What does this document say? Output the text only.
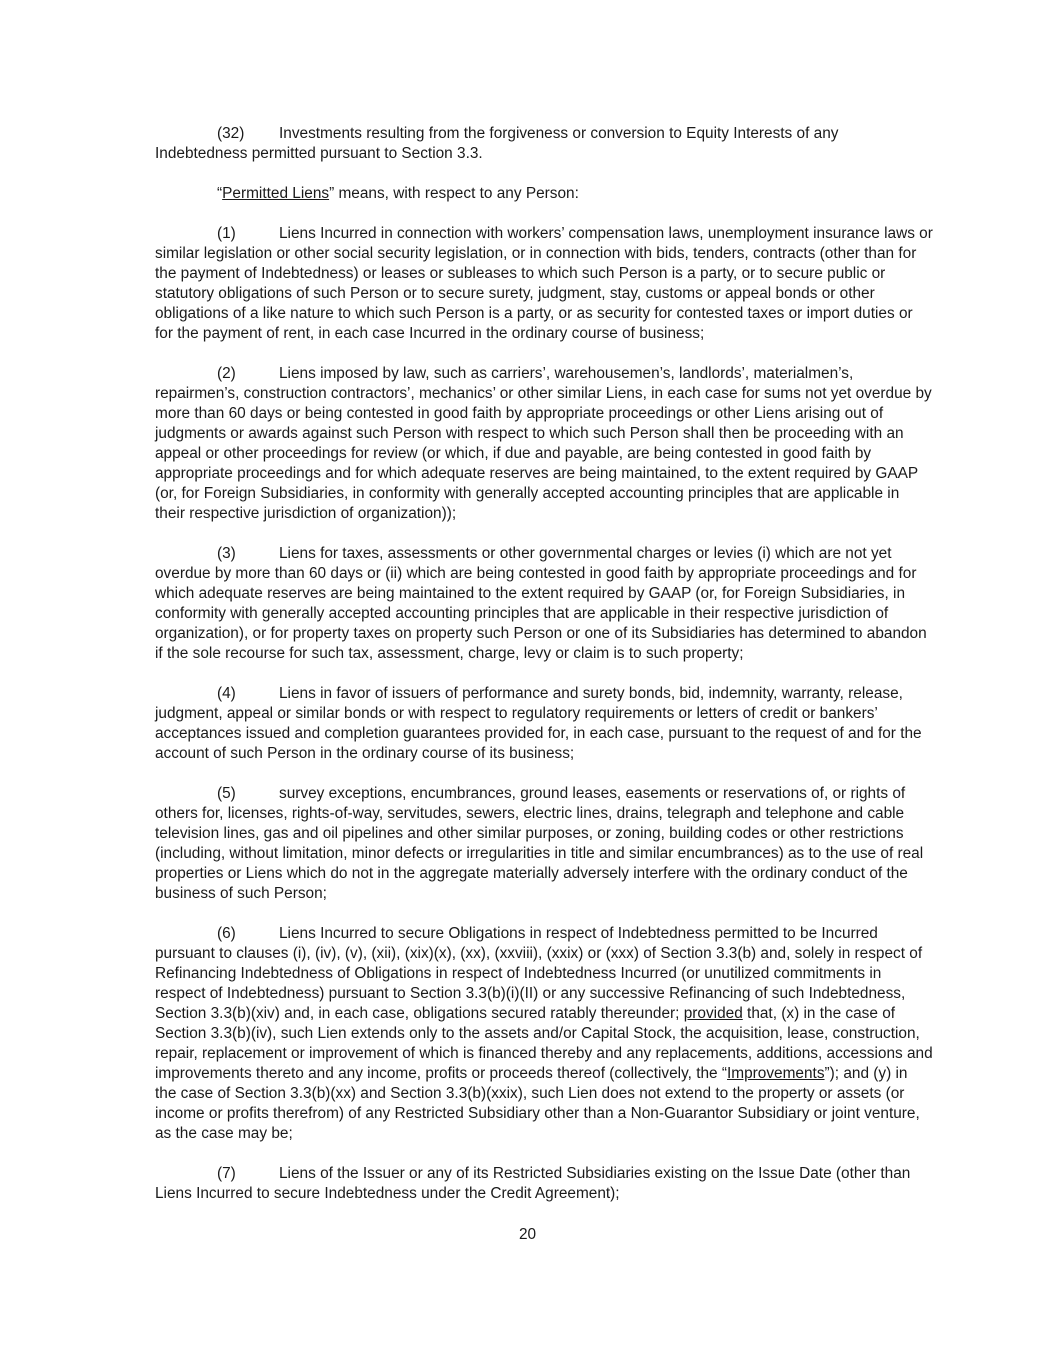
(32) Investments resulting from the forgiveness or conversion to Equity Interests of any Indebtedness permitted pursuant to Section 3.3.

“Permitted Liens” means, with respect to any Person:

(1)	Liens Incurred in connection with workers’ compensation laws, unemployment insurance laws or similar legislation or other social security legislation, or in connection with bids, tenders, contracts (other than for the payment of Indebtedness) or leases or subleases to which such Person is a party, or to secure public or statutory obligations of such Person or to secure surety, judgment, stay, customs or appeal bonds or other obligations of a like nature to which such Person is a party, or as security for contested taxes or import duties or for the payment of rent, in each case Incurred in the ordinary course of business;

(2)	Liens imposed by law, such as carriers’, warehousemen’s, landlords’, materialmen’s, repairmen’s, construction contractors’, mechanics’ or other similar Liens, in each case for sums not yet overdue by more than 60 days or being contested in good faith by appropriate proceedings or other Liens arising out of judgments or awards against such Person with respect to which such Person shall then be proceeding with an appeal or other proceedings for review (or which, if due and payable, are being contested in good faith by appropriate proceedings and for which adequate reserves are being maintained, to the extent required by GAAP (or, for Foreign Subsidiaries, in conformity with generally accepted accounting principles that are applicable in their respective jurisdiction of organization));

(3)	Liens for taxes, assessments or other governmental charges or levies (i) which are not yet overdue by more than 60 days or (ii) which are being contested in good faith by appropriate proceedings and for which adequate reserves are being maintained to the extent required by GAAP (or, for Foreign Subsidiaries, in conformity with generally accepted accounting principles that are applicable in their respective jurisdiction of organization), or for property taxes on property such Person or one of its Subsidiaries has determined to abandon if the sole recourse for such tax, assessment, charge, levy or claim is to such property;

(4)	Liens in favor of issuers of performance and surety bonds, bid, indemnity, warranty, release, judgment, appeal or similar bonds or with respect to regulatory requirements or letters of credit or bankers’ acceptances issued and completion guarantees provided for, in each case, pursuant to the request of and for the account of such Person in the ordinary course of its business;

(5)	survey exceptions, encumbrances, ground leases, easements or reservations of, or rights of others for, licenses, rights-of-way, servitudes, sewers, electric lines, drains, telegraph and telephone and cable television lines, gas and oil pipelines and other similar purposes, or zoning, building codes or other restrictions (including, without limitation, minor defects or irregularities in title and similar encumbrances) as to the use of real properties or Liens which do not in the aggregate materially adversely interfere with the ordinary conduct of the business of such Person;

(6)	Liens Incurred to secure Obligations in respect of Indebtedness permitted to be Incurred pursuant to clauses (i), (iv), (v), (xii), (xix)(x), (xx), (xxviii), (xxix) or (xxx) of Section 3.3(b) and, solely in respect of Refinancing Indebtedness of Obligations in respect of Indebtedness Incurred (or unutilized commitments in respect of Indebtedness) pursuant to Section 3.3(b)(i)(II) or any successive Refinancing of such Indebtedness, Section 3.3(b)(xiv) and, in each case, obligations secured ratably thereunder; provided that, (x) in the case of Section 3.3(b)(iv), such Lien extends only to the assets and/or Capital Stock, the acquisition, lease, construction, repair, replacement or improvement of which is financed thereby and any replacements, additions, accessions and improvements thereto and any income, profits or proceeds thereof (collectively, the “Improvements”); and (y) in the case of Section 3.3(b)(xx) and Section 3.3(b)(xxix), such Lien does not extend to the property or assets (or income or profits therefrom) of any Restricted Subsidiary other than a Non-Guarantor Subsidiary or joint venture, as the case may be;

(7)	Liens of the Issuer or any of its Restricted Subsidiaries existing on the Issue Date (other than Liens Incurred to secure Indebtedness under the Credit Agreement);

20
